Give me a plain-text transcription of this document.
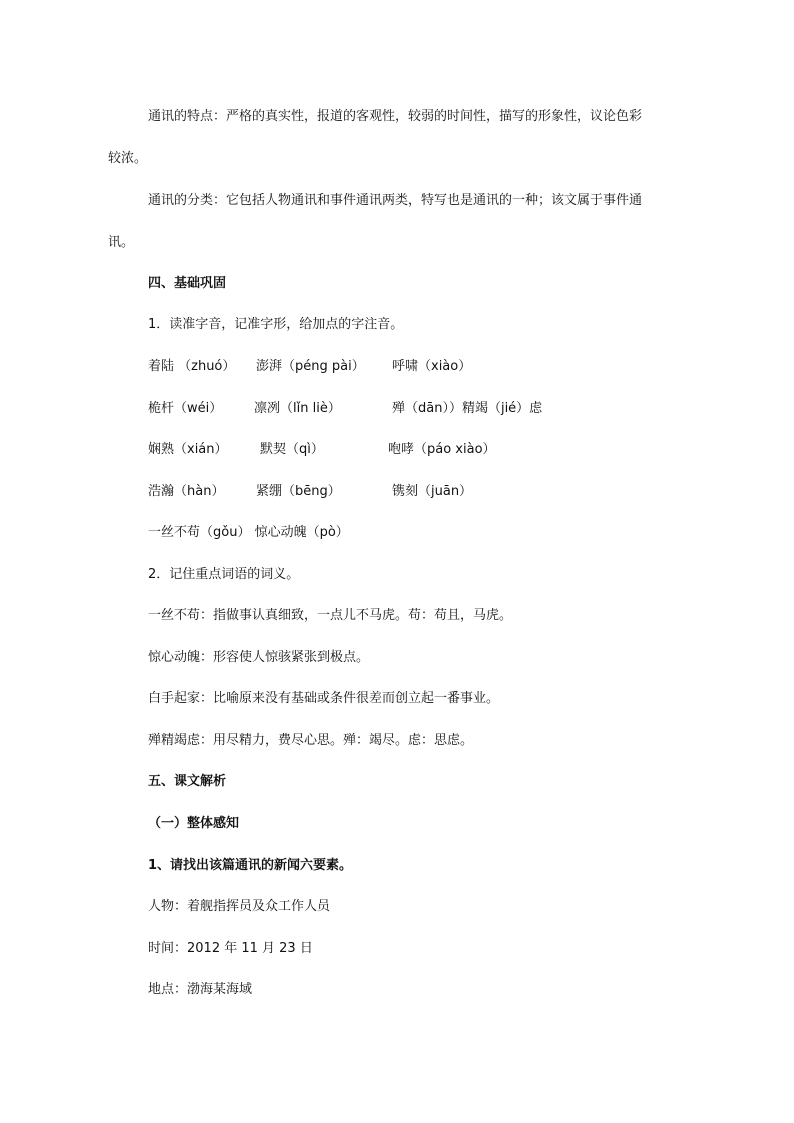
通讯的特点：严格的真实性，报道的客观性，较弱的时间性，描写的形象性，议论色彩
较浓。
通讯的分类：它包括人物通讯和事件通讯两类，特写也是通讯的一种；该文属于事件通
讯。
四、基础巩固
1．读准字音，记准字形，给加点的字注音。
着陆 （zhuó） 澎湃（péng pài） 呼啸（xiào）
桅杆（wéi） 凛冽（lǐn liè）	殚（dān））精竭（jié）虑
娴熟（xián） 默契（qì）	咆哮（páo xiào）
浩瀚（hàn） 紧绷（bēng）	镌刻（juān）
一丝不苟（gǒu） 惊心动魄（pò）
2．记住重点词语的词义。
一丝不苟：指做事认真细致，一点儿不马虎。苟：苟且，马虎。
惊心动魄：形容使人惊骇紧张到极点。
白手起家：比喻原来没有基础或条件很差而创立起一番事业。
殚精竭虑：用尽精力，费尽心思。殚：竭尽。虑：思虑。
五、课文解析
（一）整体感知
1、请找出该篇通讯的新闻六要素。
人物：着舰指挥员及众工作人员
时间：2012 年 11 月 23 日
地点：渤海某海域
